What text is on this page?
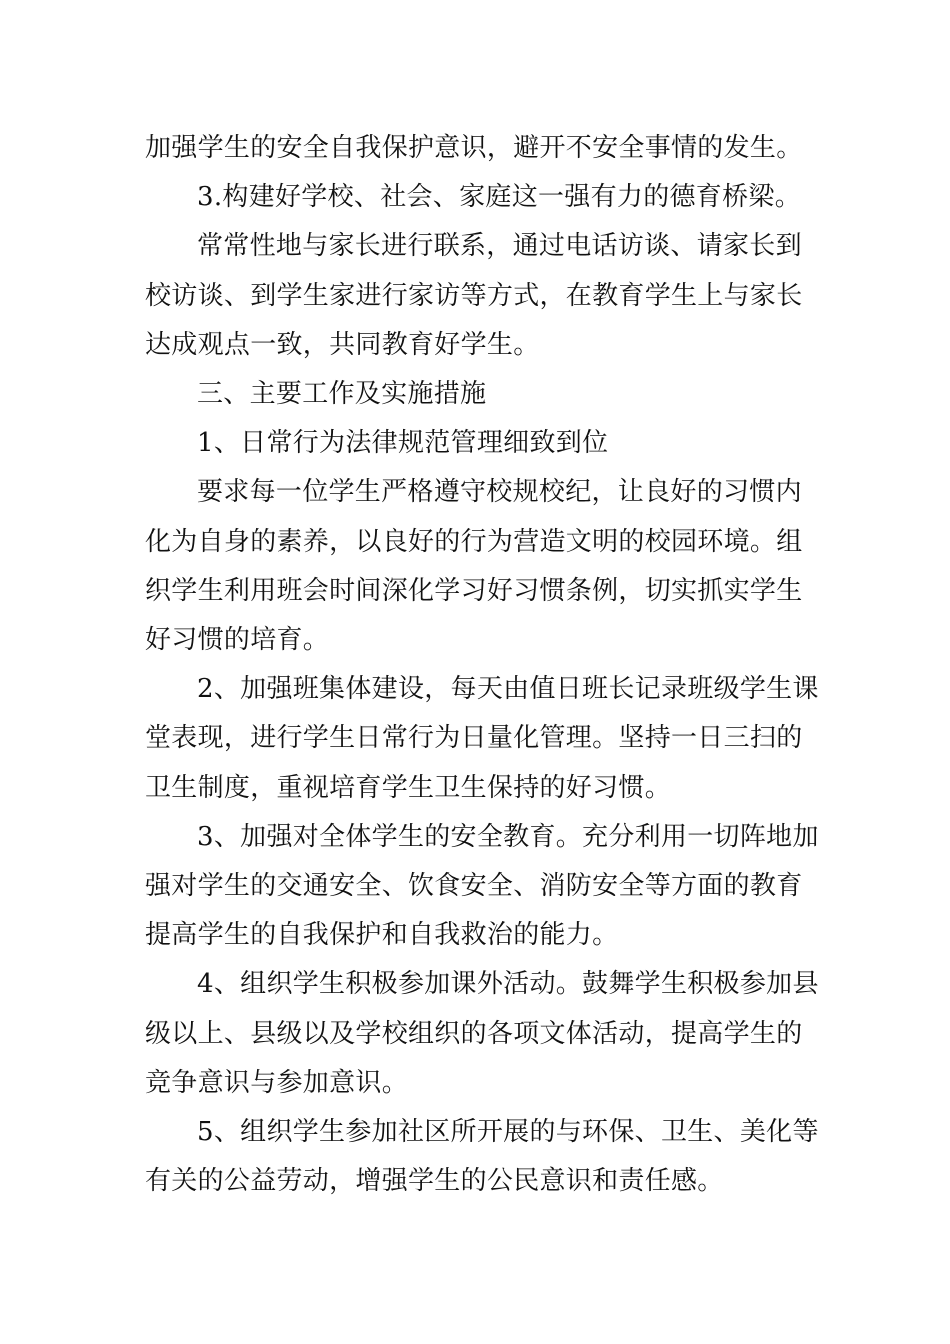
加强学生的安全自我保护意识，避开不安全事情的发生。
3.构建好学校、社会、家庭这一强有力的德育桥梁。
常常性地与家长进行联系，通过电话访谈、请家长到
校访谈、到学生家进行家访等方式，在教育学生上与家长
达成观点一致，共同教育好学生。
三、主要工作及实施措施
1、日常行为法律规范管理细致到位
要求每一位学生严格遵守校规校纪，让良好的习惯内
化为自身的素养，以良好的行为营造文明的校园环境。组
织学生利用班会时间深化学习好习惯条例，切实抓实学生
好习惯的培育。
2、加强班集体建设，每天由值日班长记录班级学生课
堂表现，进行学生日常行为日量化管理。坚持一日三扫的
卫生制度，重视培育学生卫生保持的好习惯。
3、加强对全体学生的安全教育。充分利用一切阵地加
强对学生的交通安全、饮食安全、消防安全等方面的教育
提高学生的自我保护和自我救治的能力。
4、组织学生积极参加课外活动。鼓舞学生积极参加县
级以上、县级以及学校组织的各项文体活动，提高学生的
竞争意识与参加意识。
5、组织学生参加社区所开展的与环保、卫生、美化等
有关的公益劳动，增强学生的公民意识和责任感。
